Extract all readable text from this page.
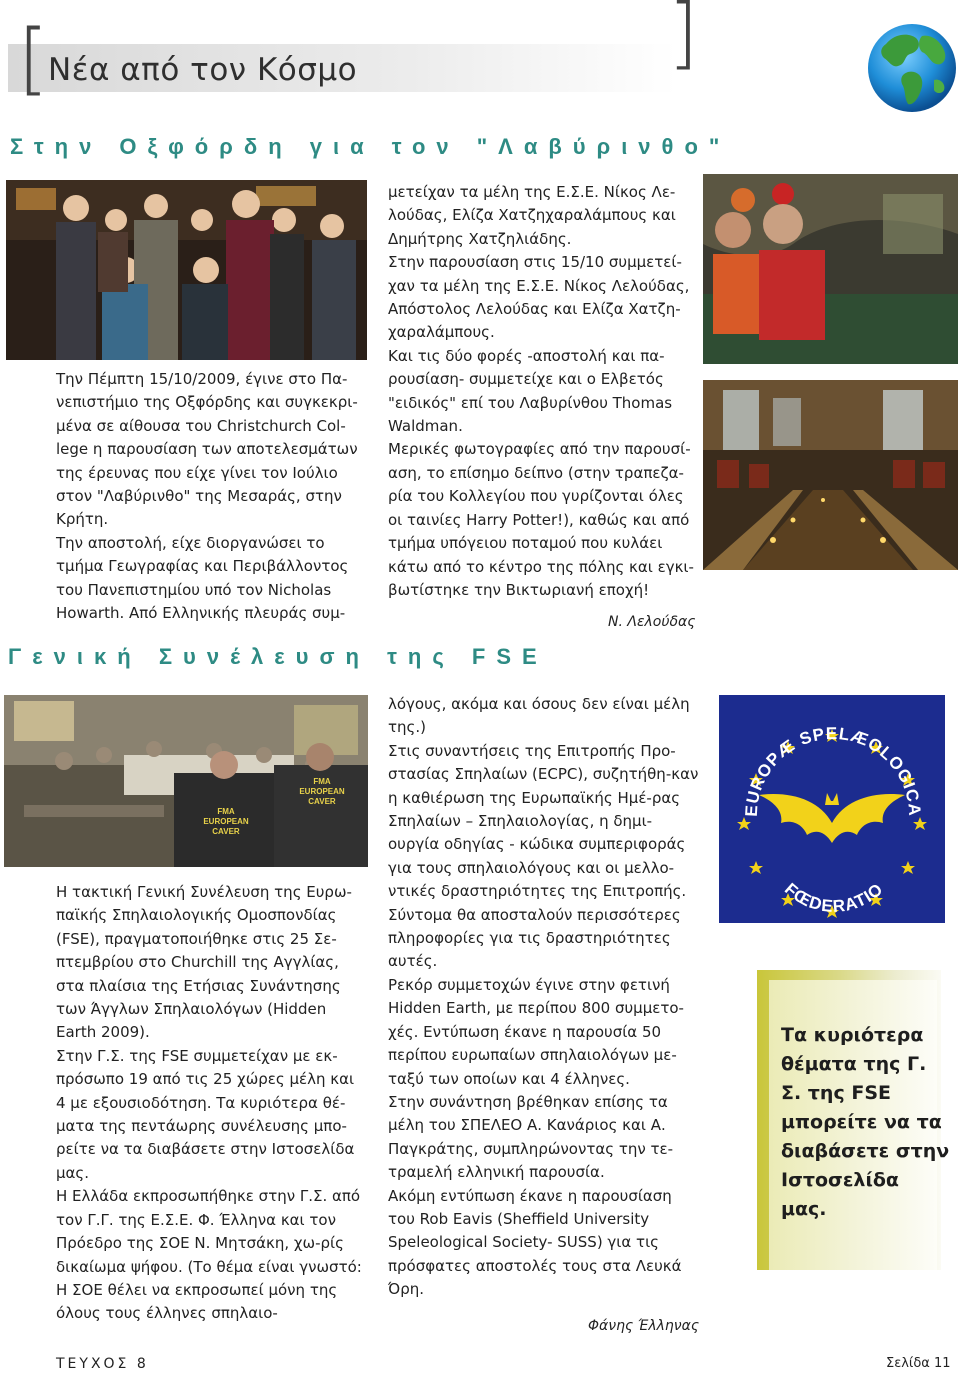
[	]
Νέα από τον Κόσμο
Στην Οξφόρδη για τον "Λαβύρινθο"

Την Πέμπτη 15/10/2009, έγινε στο Πα-νεπιστήμιο της Οξφόρδης και συγκεκρι-μένα σε αίθουσα του Christchurch Col-lege η παρουσίαση των αποτελεσμάτων της έρευνας που είχε γίνει τον Ιούλιο στον "Λαβύρινθο" της Μεσαράς, στην Κρήτη.

Την αποστολή, είχε διοργανώσει το τμήμα Γεωγραφίας και Περιβάλλοντος του Πανεπιστημίου υπό τον Nicholas Howarth. Από Ελληνικής πλευράς συμ-

μετείχαν τα μέλη της Ε.Σ.Ε. Νίκος Λε-λούδας, Ελίζα Χατζηχαραλάμπους και Δημήτρης Χατζηλιάδης.

Στην παρουσίαση στις 15/10 συμμετεί-χαν τα μέλη της Ε.Σ.Ε. Νίκος Λελούδας, Απόστολος Λελούδας και Ελίζα Χατζη-χαραλάμπους.

Και τις δύο φορές -αποστολή και πα-ρουσίαση- συμμετείχε και ο Ελβετός "ειδικός" επί του Λαβυρίνθου Thomas Waldman.

Μερικές φωτογραφίες από την παρουσί-αση, το επίσημο δείπνο (στην τραπεζα-ρία του Κολλεγίου που γυρίζονται όλες οι ταινίες Harry Potter!), καθώς και από τμήμα υπόγειου ποταμού που κυλάει κάτω από το κέντρο της πόλης και εγκι-βωτίστηκε την Βικτωριανή εποχή!

Ν. Λελούδας
Γενική Συνέλευση της FSE
FMA EUROPEAN CAVER
FMA EUROPEAN CAVER
EUROPÆ SPELÆOLOGICA
FŒDERATIO

Η τακτική Γενική Συνέλευση της Ευρω-παϊκής Σπηλαιολογικής Ομοσπονδίας (FSE), πραγματοποιήθηκε στις 25 Σε-πτεμβρίου στο Churchill της Αγγλίας, στα πλαίσια της Ετήσιας Συνάντησης των Άγγλων Σπηλαιολόγων (Hidden Earth 2009).

Στην Γ.Σ. της FSE συμμετείχαν με εκ-πρόσωπο 19 από τις 25 χώρες μέλη και 4 με εξουσιοδότηση. Τα κυριότερα θέ-ματα της πεντάωρης συνέλευσης μπο-ρείτε να τα διαβάσετε στην Ιστοσελίδα μας.

Η Ελλάδα εκπροσωπήθηκε στην Γ.Σ. από τον Γ.Γ. της Ε.Σ.Ε. Φ. Έλληνα και τον Πρόεδρο της ΣΟΕ Ν. Μητσάκη, χω-ρίς δικαίωμα ψήφου. (Το θέμα είναι γνωστό: Η ΣΟΕ θέλει να εκπροσωπεί μόνη της όλους τους έλληνες σπηλαιο-

λόγους, ακόμα και όσους δεν είναι μέλη της.)

Στις συναντήσεις της Επιτροπής Προ-στασίας Σπηλαίων (ECPC), συζητήθη-καν η καθιέρωση της Ευρωπαϊκής Ημέ-ρας Σπηλαίων – Σπηλαιολογίας, η δημι-ουργία οδηγίας - κώδικα συμπεριφοράς για τους σπηλαιολόγους και οι μελλο-ντικές δραστηριότητες της Επιτροπής.

Σύντομα θα αποσταλούν περισσότερες πληροφορίες για τις δραστηριότητες αυτές.

Ρεκόρ συμμετοχών έγινε στην φετινή Hidden Earth, με περίπου 800 συμμετο-χές. Εντύπωση έκανε η παρουσία 50 περίπου ευρωπαίων σπηλαιολόγων με-ταξύ των οποίων και 4 έλληνες.

Στην συνάντηση βρέθηκαν επίσης τα μέλη του ΣΠΕΛΕΟ Α. Κανάριος και Α. Παγκράτης, συμπληρώνοντας την τε-τραμελή ελληνική παρουσία.

Ακόμη εντύπωση έκανε η παρουσίαση του Rob Eavis (Sheffield University Speleological Society- SUSS) για τις πρόσφατες αποστολές τους στα Λευκά Όρη.

Φάνης Έλληνας
Τα κυριότερα θέματα της Γ. Σ. της FSE μπορείτε να τα διαβάσετε στην Ιστοσελίδα μας.
ΤΕΥΧΟΣ 8	Σελίδα 11
